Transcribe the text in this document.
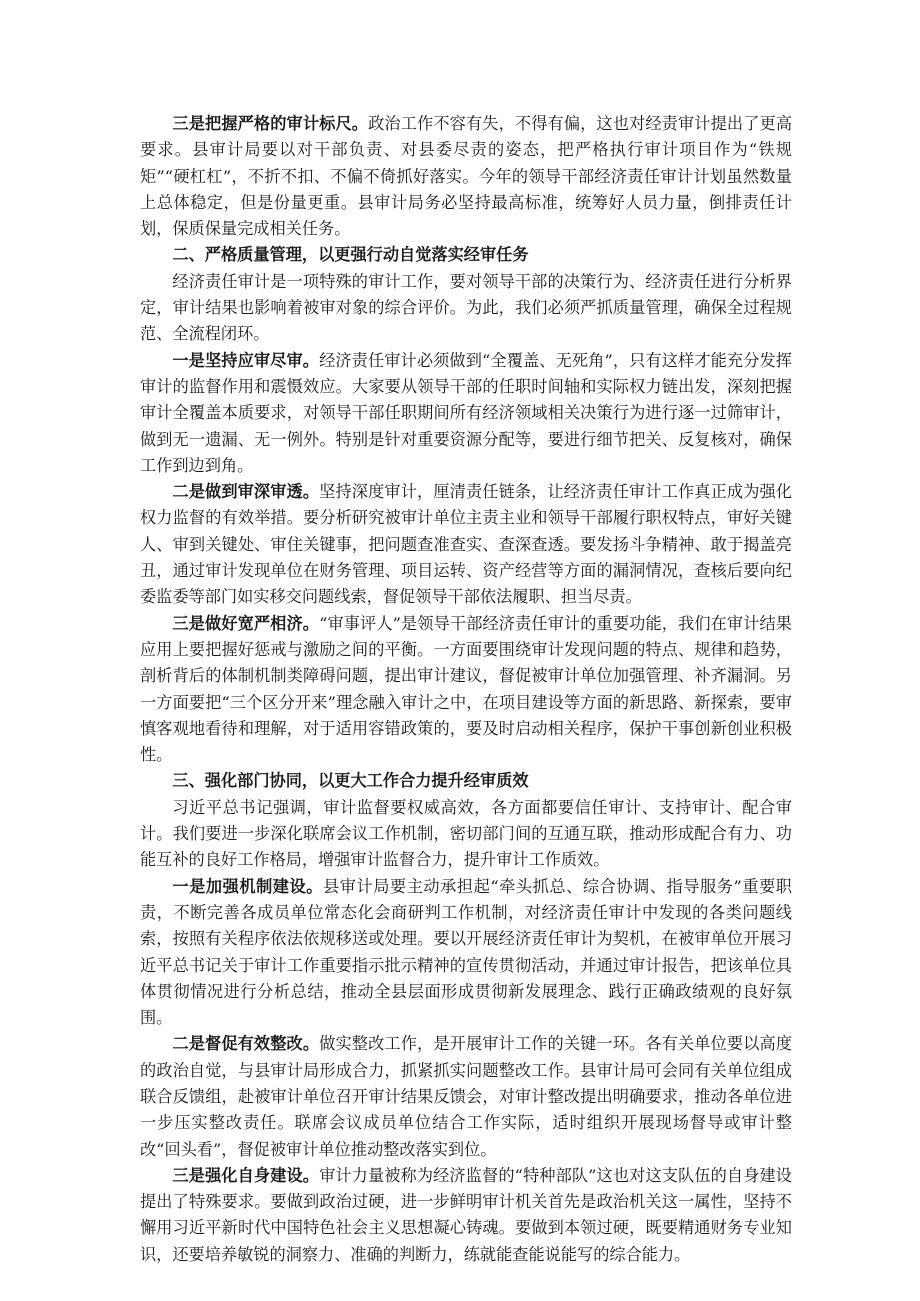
三是把握严格的审计标尺。政治工作不容有失，不得有偏，这也对经责审计提出了更高要求。县审计局要以对干部负责、对县委尽责的姿态，把严格执行审计项目作为“铁规矩”“硬杠杠”，不折不扣、不偏不倚抓好落实。今年的领导干部经济责任审计计划虽然数量上总体稳定，但是份量更重。县审计局务必坚持最高标准，统筹好人员力量，倒排责任计划，保质保量完成相关任务。

二、严格质量管理，以更强行动自觉落实经审任务

经济责任审计是一项特殊的审计工作，要对领导干部的决策行为、经济责任进行分析界定，审计结果也影响着被审对象的综合评价。为此，我们必须严抓质量管理，确保全过程规范、全流程闭环。

一是坚持应审尽审。经济责任审计必须做到“全覆盖、无死角”，只有这样才能充分发挥审计的监督作用和震慑效应。大家要从领导干部的任职时间轴和实际权力链出发，深刻把握审计全覆盖本质要求，对领导干部任职期间所有经济领域相关决策行为进行逐一过筛审计，做到无一遗漏、无一例外。特别是针对重要资源分配等，要进行细节把关、反复核对，确保工作到边到角。

二是做到审深审透。坚持深度审计，厘清责任链条，让经济责任审计工作真正成为强化权力监督的有效举措。要分析研究被审计单位主责主业和领导干部履行职权特点，审好关键人、审到关键处、审住关键事，把问题查准查实、查深查透。要发扬斗争精神、敢于揭盖亮丑，通过审计发现单位在财务管理、项目运转、资产经营等方面的漏洞情况，查核后要向纪委监委等部门如实移交问题线索，督促领导干部依法履职、担当尽责。

三是做好宽严相济。“审事评人”是领导干部经济责任审计的重要功能，我们在审计结果应用上要把握好惩戒与激励之间的平衡。一方面要围绕审计发现问题的特点、规律和趋势，剖析背后的体制机制类障碍问题，提出审计建议，督促被审计单位加强管理、补齐漏洞。另一方面要把“三个区分开来”理念融入审计之中，在项目建设等方面的新思路、新探索，要审慎客观地看待和理解，对于适用容错政策的，要及时启动相关程序，保护干事创新创业积极性。

三、强化部门协同，以更大工作合力提升经审质效

习近平总书记强调，审计监督要权威高效，各方面都要信任审计、支持审计、配合审计。我们要进一步深化联席会议工作机制，密切部门间的互通互联，推动形成配合有力、功能互补的良好工作格局，增强审计监督合力，提升审计工作质效。

一是加强机制建设。县审计局要主动承担起“牵头抓总、综合协调、指导服务”重要职责，不断完善各成员单位常态化会商研判工作机制，对经济责任审计中发现的各类问题线索，按照有关程序依法依规移送或处理。要以开展经济责任审计为契机，在被审单位开展习近平总书记关于审计工作重要指示批示精神的宣传贯彻活动，并通过审计报告，把该单位具体贯彻情况进行分析总结，推动全县层面形成贯彻新发展理念、践行正确政绩观的良好氛围。

二是督促有效整改。做实整改工作，是开展审计工作的关键一环。各有关单位要以高度的政治自觉，与县审计局形成合力，抓紧抓实问题整改工作。县审计局可会同有关单位组成联合反馈组，赴被审计单位召开审计结果反馈会，对审计整改提出明确要求，推动各单位进一步压实整改责任。联席会议成员单位结合工作实际，适时组织开展现场督导或审计整改“回头看”，督促被审计单位推动整改落实到位。

三是强化自身建设。审计力量被称为经济监督的“特种部队”这也对这支队伍的自身建设提出了特殊要求。要做到政治过硬，进一步鲜明审计机关首先是政治机关这一属性，坚持不懈用习近平新时代中国特色社会主义思想凝心铸魂。要做到本领过硬，既要精通财务专业知识，还要培养敏锐的洞察力、准确的判断力，练就能查能说能写的综合能力。
